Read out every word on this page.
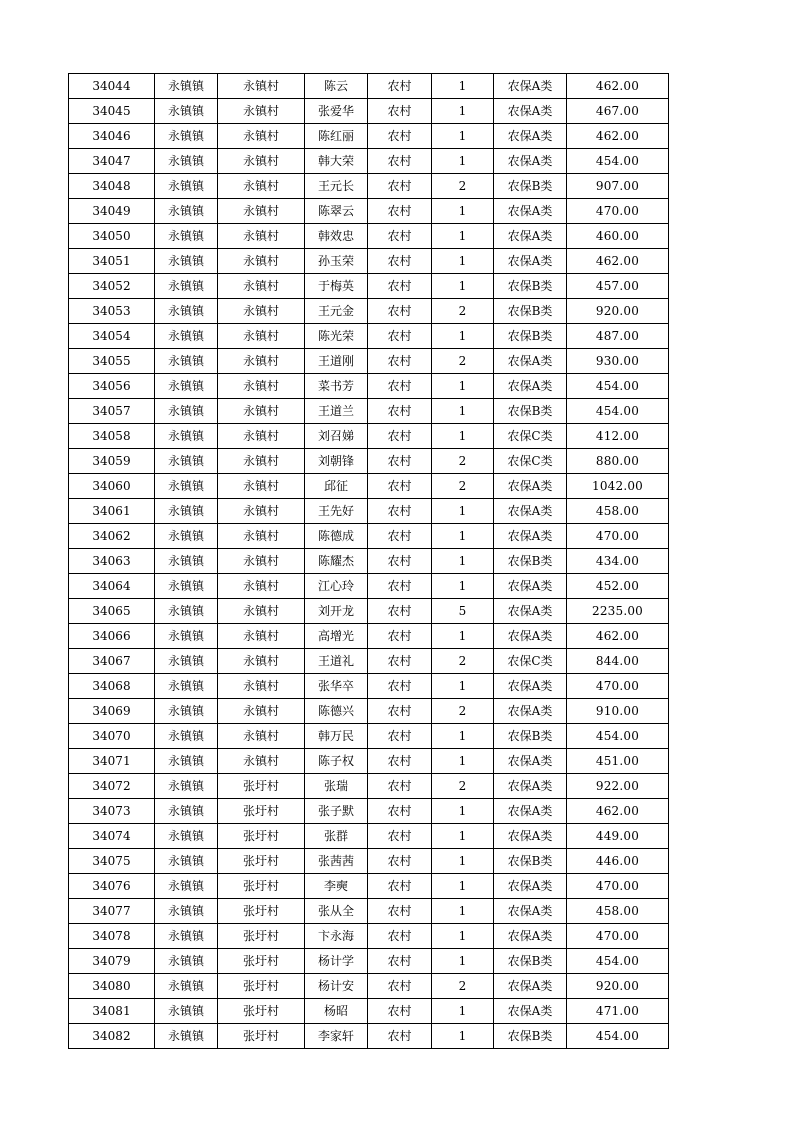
34044	永镇镇	永镇村	陈云	农村	1	农保A类	462.00
34045	永镇镇	永镇村	张爱华	农村	1	农保A类	467.00
34046	永镇镇	永镇村	陈红丽	农村	1	农保A类	462.00
34047	永镇镇	永镇村	韩大荣	农村	1	农保A类	454.00
34048	永镇镇	永镇村	王元长	农村	2	农保B类	907.00
34049	永镇镇	永镇村	陈翠云	农村	1	农保A类	470.00
34050	永镇镇	永镇村	韩效忠	农村	1	农保A类	460.00
34051	永镇镇	永镇村	孙玉荣	农村	1	农保A类	462.00
34052	永镇镇	永镇村	于梅英	农村	1	农保B类	457.00
34053	永镇镇	永镇村	王元金	农村	2	农保B类	920.00
34054	永镇镇	永镇村	陈光荣	农村	1	农保B类	487.00
34055	永镇镇	永镇村	王道刚	农村	2	农保A类	930.00
34056	永镇镇	永镇村	菜书芳	农村	1	农保A类	454.00
34057	永镇镇	永镇村	王道兰	农村	1	农保B类	454.00
34058	永镇镇	永镇村	刘召娣	农村	1	农保C类	412.00
34059	永镇镇	永镇村	刘朝锋	农村	2	农保C类	880.00
34060	永镇镇	永镇村	邱征	农村	2	农保A类	1042.00
34061	永镇镇	永镇村	王先好	农村	1	农保A类	458.00
34062	永镇镇	永镇村	陈德成	农村	1	农保A类	470.00
34063	永镇镇	永镇村	陈耀杰	农村	1	农保B类	434.00
34064	永镇镇	永镇村	江心玲	农村	1	农保A类	452.00
34065	永镇镇	永镇村	刘开龙	农村	5	农保A类	2235.00
34066	永镇镇	永镇村	高增光	农村	1	农保A类	462.00
34067	永镇镇	永镇村	王道礼	农村	2	农保C类	844.00
34068	永镇镇	永镇村	张华卒	农村	1	农保A类	470.00
34069	永镇镇	永镇村	陈德兴	农村	2	农保A类	910.00
34070	永镇镇	永镇村	韩万民	农村	1	农保B类	454.00
34071	永镇镇	永镇村	陈子权	农村	1	农保A类	451.00
34072	永镇镇	张圩村	张瑞	农村	2	农保A类	922.00
34073	永镇镇	张圩村	张子默	农村	1	农保A类	462.00
34074	永镇镇	张圩村	张群	农村	1	农保A类	449.00
34075	永镇镇	张圩村	张茜茜	农村	1	农保B类	446.00
34076	永镇镇	张圩村	李奭	农村	1	农保A类	470.00
34077	永镇镇	张圩村	张从全	农村	1	农保A类	458.00
34078	永镇镇	张圩村	卞永海	农村	1	农保A类	470.00
34079	永镇镇	张圩村	杨计学	农村	1	农保B类	454.00
34080	永镇镇	张圩村	杨计安	农村	2	农保A类	920.00
34081	永镇镇	张圩村	杨昭	农村	1	农保A类	471.00
34082	永镇镇	张圩村	李家轩	农村	1	农保B类	454.00
